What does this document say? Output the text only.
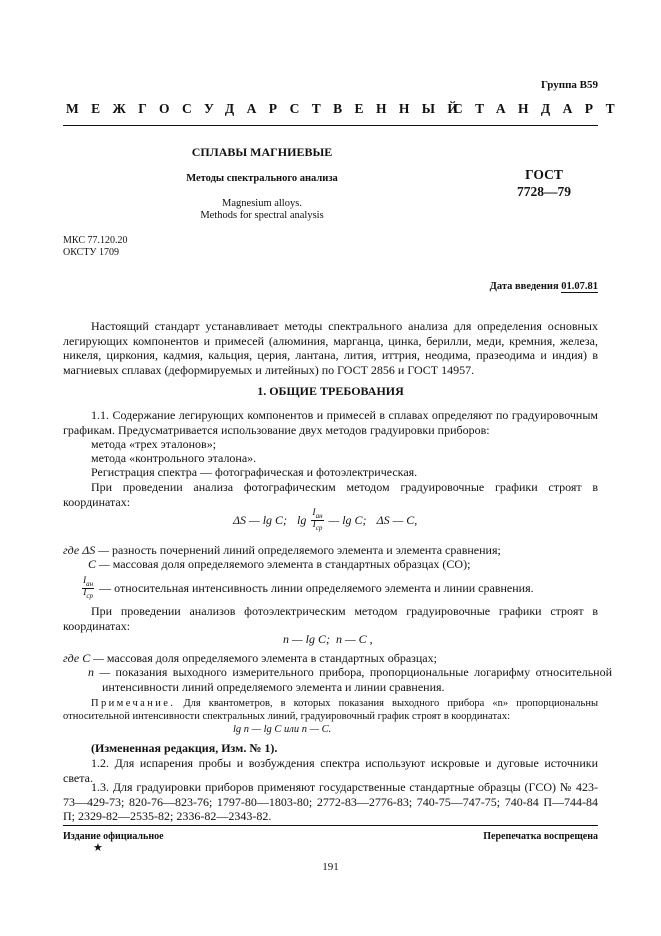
Группа В59
МЕЖГОСУДАРСТВЕННЫЙ
СТАНДАРТ
СПЛАВЫ МАГНИЕВЫЕ
Методы спектрального анализа
Magnesium alloys.
Methods for spectral analysis
ГОСТ
7728—79
МКС 77.120.20
ОКСТУ 1709
Дата введения 01.07.81
Настоящий стандарт устанавливает методы спектрального анализа для определения основных легирующих компонентов и примесей (алюминия, марганца, цинка, берилли, меди, кремния, железа, никеля, циркония, кадмия, кальция, церия, лантана, лития, иттрия, неодима, празеодима и индия) в магниевых сплавах (деформируемых и литейных) по ГОСТ 2856 и ГОСТ 14957.
1. ОБЩИЕ ТРЕБОВАНИЯ
1.1. Содержание легирующих компонентов и примесей в сплавах определяют по градуировочным графикам. Предусматривается использование двух методов градуировки приборов:
метода «трех эталонов»;
метода «контрольного эталона».
Регистрация спектра — фотографическая и фотоэлектрическая.
При проведении анализа фотографическим методом градуировочные графики строят в координатах:
ΔS — lg C; $\lg \frac{I_{ан}}{I_{ср}}$ — lg C; ΔS — C,
где ΔS — разность почернений линий определяемого элемента и элемента сравнения;
C — массовая доля определяемого элемента в стандартных образцах (СО);
$\frac{I_{ан}}{I_{ср}}$ — относительная интенсивность линии определяемого элемента и линии сравнения.
При проведении анализов фотоэлектрическим методом градуировочные графики строят в координатах:
n — lg C;  n — C ,
где C — массовая доля определяемого элемента в стандартных образцах;
n — показания выходного измерительного прибора, пропорциональные логарифму относительной интенсивности линий определяемого элемента и линии сравнения.
Примечание. Для квантометров, в которых показания выходного прибора «n» пропорциональны относительной интенсивности спектральных линий, градуировочный график строят в координатах:
lg n — lg C или n — C.
(Измененная редакция, Изм. № 1).
1.2. Для испарения пробы и возбуждения спектра используют искровые и дуговые источники света.
1.3. Для градуировки приборов применяют государственные стандартные образцы (ГСО) № 423-73—429-73; 820-76—823-76; 1797-80—1803-80; 2772-83—2776-83; 740-75—747-75; 740-84 П—744-84 П; 2329-82—2535-82; 2336-82—2343-82.
Издание официальное
★
Перепечатка воспрещена
191
